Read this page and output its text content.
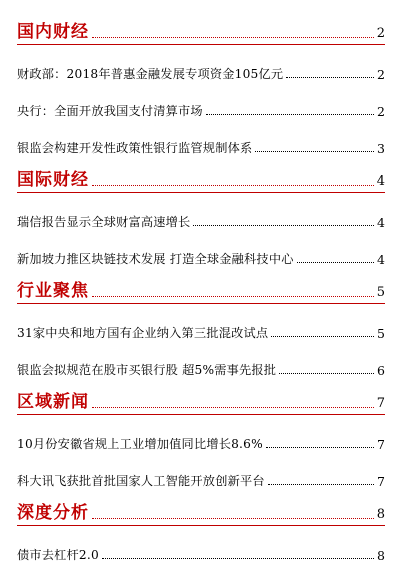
国内财经	2
财政部：2018年普惠金融发展专项资金105亿元	2
央行：全面开放我国支付清算市场	2
银监会构建开发性政策性银行监管规制体系	3
国际财经	4
瑞信报告显示全球财富高速增长	4
新加坡力推区块链技术发展 打造全球金融科技中心	4
行业聚焦	5
31家中央和地方国有企业纳入第三批混改试点	5
银监会拟规范在股市买银行股 超5%需事先报批	6
区域新闻	7
10月份安徽省规上工业增加值同比增长8.6%	7
科大讯飞获批首批国家人工智能开放创新平台	7
深度分析	8
债市去杠杆2.0	8
